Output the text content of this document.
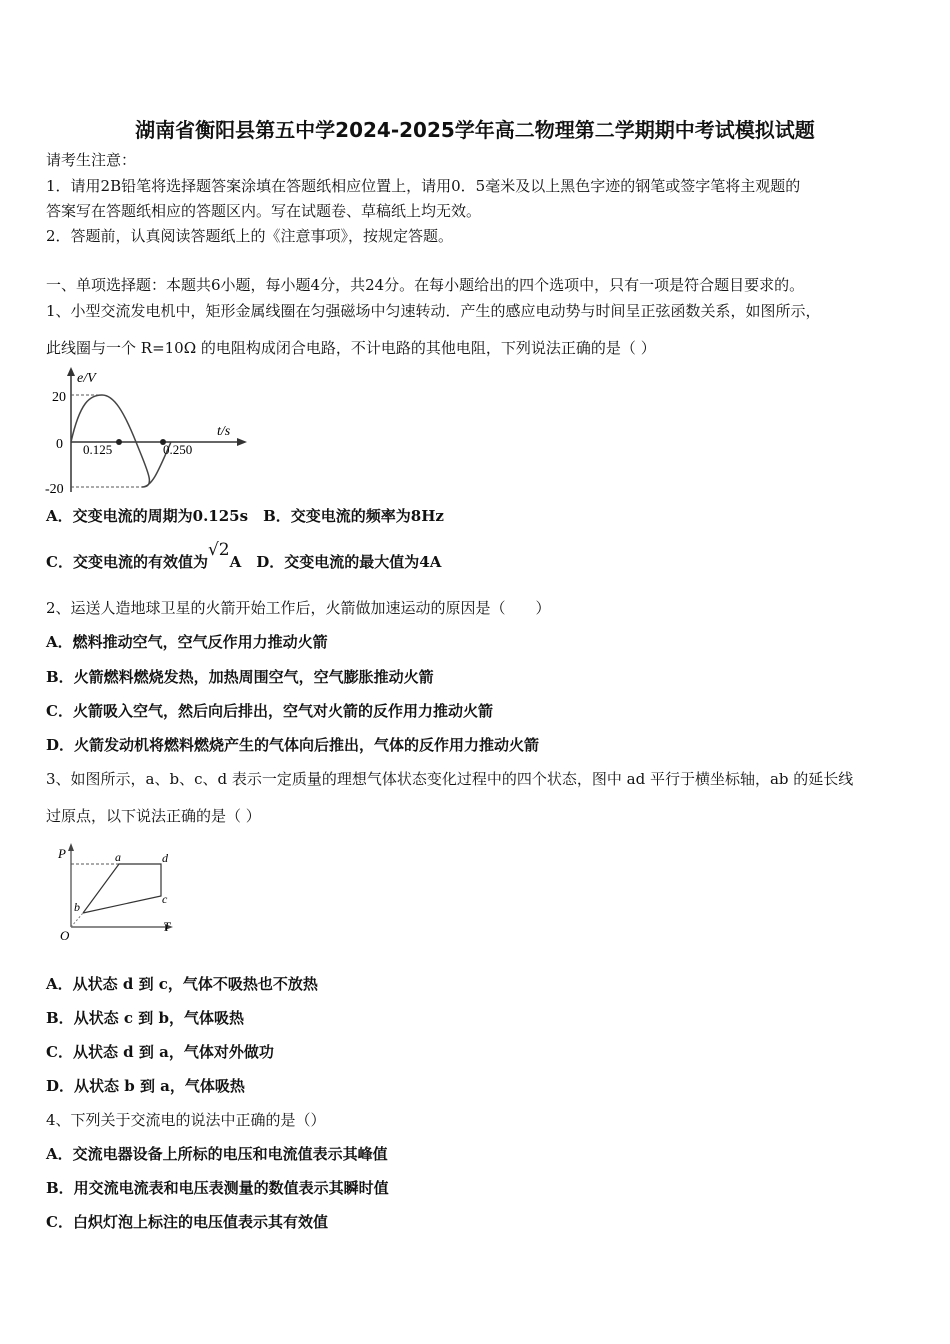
湖南省衡阳县第五中学2024-2025学年高二物理第二学期期中考试模拟试题
请考生注意：
1．请用2B铅笔将选择题答案涂填在答题纸相应位置上，请用0．5毫米及以上黑色字迹的钢笔或签字笔将主观题的
答案写在答题纸相应的答题区内。写在试题卷、草稿纸上均无效。
2．答题前，认真阅读答题纸上的《注意事项》，按规定答题。
一、单项选择题：本题共6小题，每小题4分，共24分。在每小题给出的四个选项中，只有一项是符合题目要求的。
1、小型交流发电机中，矩形金属线圈在匀强磁场中匀速转动．产生的感应电动势与时间呈正弦函数关系，如图所示，
此线圈与一个 R=10Ω 的电阻构成闭合电路，不计电路的其他电阻，下列说法正确的是（ ）
e/V
t/s
20
0
-20
0.125	0.250
A．交变电流的周期为0.125s　 B．交变电流的频率为8Hz
C．交变电流的有效值为√2A　 D．交变电流的最大值为4A
2、运送人造地球卫星的火箭开始工作后，火箭做加速运动的原因是（　　）
A．燃料推动空气，空气反作用力推动火箭
B．火箭燃料燃烧发热，加热周围空气，空气膨胀推动火箭
C．火箭吸入空气，然后向后排出，空气对火箭的反作用力推动火箭
D．火箭发动机将燃料燃烧产生的气体向后推出，气体的反作用力推动火箭
3、如图所示，a、b、c、d 表示一定质量的理想气体状态变化过程中的四个状态，图中 ad 平行于横坐标轴，ab 的延长线
过原点，以下说法正确的是（ ）
P
T
O
a
b
c
d
A．从状态 d 到 c，气体不吸热也不放热
B．从状态 c 到 b，气体吸热
C．从状态 d 到 a，气体对外做功
D．从状态 b 到 a，气体吸热
4、下列关于交流电的说法中正确的是（）
A．交流电器设备上所标的电压和电流值表示其峰值
B．用交流电流表和电压表测量的数值表示其瞬时值
C．白炽灯泡上标注的电压值表示其有效值
